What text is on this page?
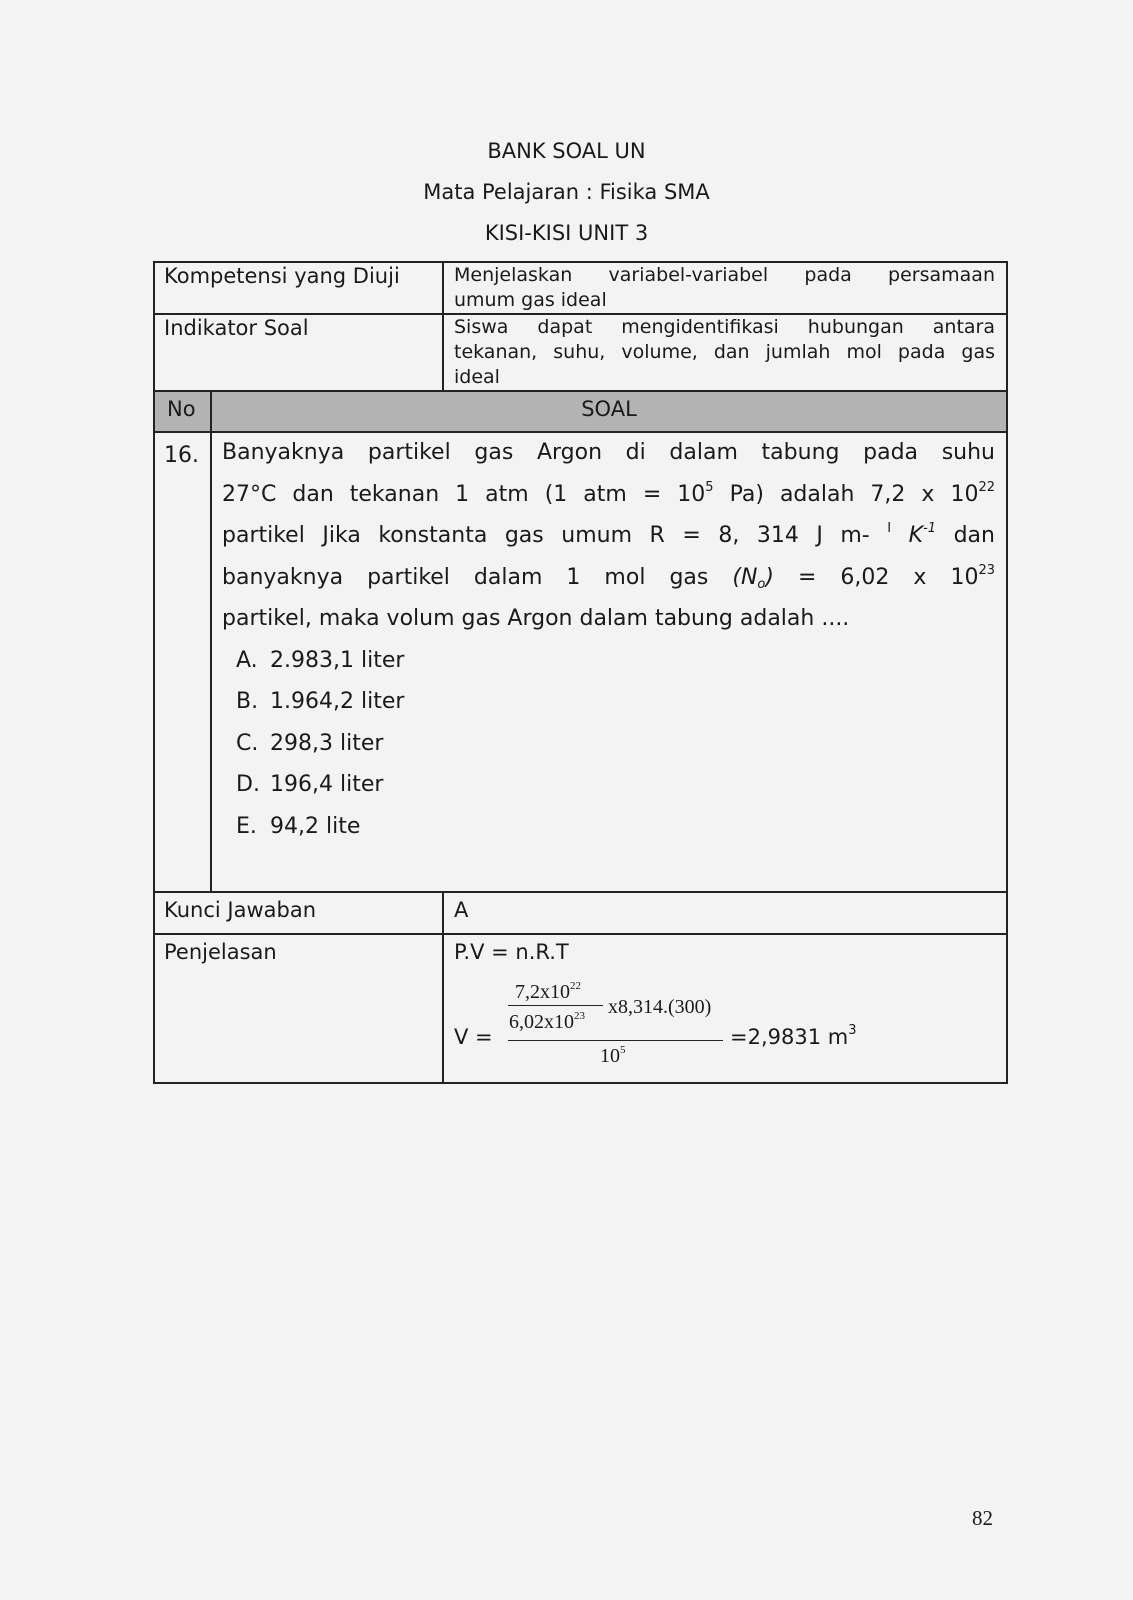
BANK SOAL UN
Mata Pelajaran : Fisika SMA
KISI-KISI UNIT 3
Kompetensi yang Diuji	Menjelaskan variabel-variabel pada persamaan
umum gas ideal
Indikator Soal	Siswa dapat mengidentifikasi hubungan antara
tekanan, suhu, volume, dan jumlah mol pada gas
ideal
No	SOAL
16. Banyaknya partikel gas Argon di dalam tabung pada suhu
27°C dan tekanan 1 atm (1 atm = $10^5$ Pa) adalah 7,2 x $10^{22}$
partikel Jika konstanta gas umum R = 8, 314 J m- $^I$ $K^{-1}$ dan
banyaknya partikel dalam 1 mol gas $(N_o) = 6,02$ x $10^{23}$
partikel, maka volum gas Argon dalam tabung adalah ....
A. 2.983,1 liter
B. 1.964,2 liter
C. 298,3 liter
D. 196,4 liter
E. 94,2 lite
Kunci Jawaban	A
Penjelasan	P.V = n.R.T
V =
$7,2x10^{22}$
$6,02x10^{23}$ x8,314.(300)
$10^5$
=2,9831 $m^3$
82
